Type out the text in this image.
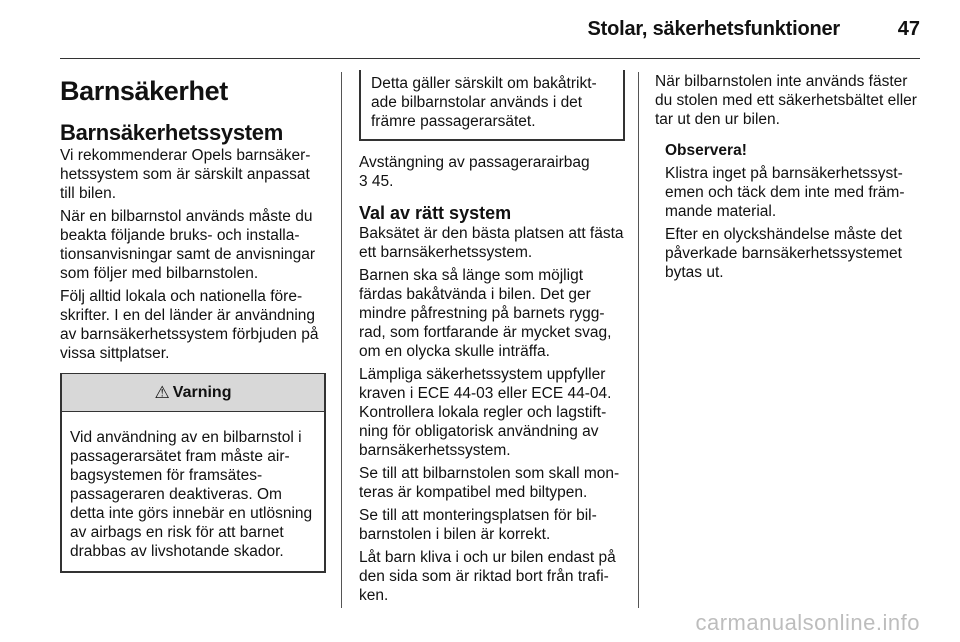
Stolar, säkerhetsfunktioner	47
Barnsäkerhet
Barnsäkerhetssystem

Vi rekommenderar Opels barnsäkerhetssystem som är särskilt anpassat till bilen.

När en bilbarnstol används måste du beakta följande bruks- och installationsanvisningar samt de anvisningar som följer med bilbarnstolen.

Följ alltid lokala och nationella föreskrifter. I en del länder är användning av barnsäkerhetssystem förbjuden på vissa sittplatser.

⚠ Varning
Vid användning av en bilbarnstol i passagerarsätet fram måste airbagsystemen för framsätespassageraren deaktiveras. Om detta inte görs innebär en utlösning av airbags en risk för att barnet drabbas av livshotande skador.
Detta gäller särskilt om bakåtriktade bilbarnstolar används i det främre passagerarsätet.

Avstängning av passagerarairbag
3 45.

Val av rätt system

Baksätet är den bästa platsen att fästa ett barnsäkerhetssystem.

Barnen ska så länge som möjligt färdas bakåtvända i bilen. Det ger mindre påfrestning på barnets ryggrad, som fortfarande är mycket svag, om en olycka skulle inträffa.

Lämpliga säkerhetssystem uppfyller kraven i ECE 44-03 eller ECE 44-04. Kontrollera lokala regler och lagstiftning för obligatorisk användning av barnsäkerhetssystem.

Se till att bilbarnstolen som skall monteras är kompatibel med biltypen.

Se till att monteringsplatsen för bilbarnstolen i bilen är korrekt.

Låt barn kliva i och ur bilen endast på den sida som är riktad bort från trafiken.

När bilbarnstolen inte används fäster du stolen med ett säkerhetsbältet eller tar ut den ur bilen.

Observera!

Klistra inget på barnsäkerhetssystemen och täck dem inte med främmande material.

Efter en olyckshändelse måste det påverkade barnsäkerhetssystemet bytas ut.

carmanualsonline.info
